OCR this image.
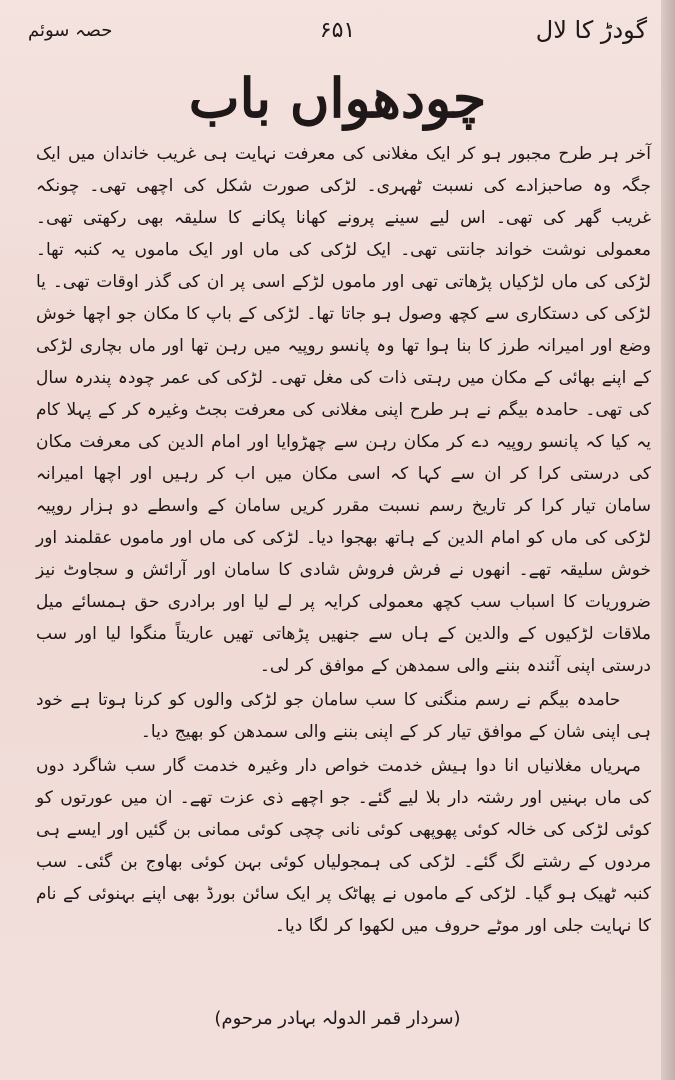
گودڑ کا لال
۶۵۱
حصہ سوئم
چودھواں باب

آخر ہر طرح مجبور ہو کر ایک مغلانی کی معرفت نہایت ہی غریب خاندان میں ایک جگہ وہ صاحبزادے کی نسبت ٹھہری۔ لڑکی صورت شکل کی اچھی تھی۔ چونکہ غریب گھر کی تھی۔ اس لیے سینے پرونے کھانا پکانے کا سلیقہ بھی رکھتی تھی۔ معمولی نوشت خواند جانتی تھی۔ ایک لڑکی کی ماں اور ایک ماموں یہ کنبہ تھا۔ لڑکی کی ماں لڑکیاں پڑھاتی تھی اور ماموں لڑکے اسی پر ان کی گذر اوقات تھی۔ یا لڑکی کی دستکاری سے کچھ وصول ہو جاتا تھا۔ لڑکی کے باپ کا مکان جو اچھا خوش وضع اور امیرانہ طرز کا بنا ہوا تھا وہ پانسو روپیہ میں رہن تھا اور ماں بچاری لڑکی کے اپنے بھائی کے مکان میں رہتی ذات کی مغل تھی۔ لڑکی کی عمر چودہ پندرہ سال کی تھی۔ حامدہ بیگم نے ہر طرح اپنی مغلانی کی معرفت بجٹ وغیرہ کر کے پہلا کام یہ کیا کہ پانسو روپیہ دے کر مکان رہن سے چھڑوایا اور امام الدین کی معرفت مکان کی درستی کرا کر ان سے کہا کہ اسی مکان میں اب کر رہیں اور اچھا امیرانہ سامان تیار کرا کر تاریخ رسم نسبت مقرر کریں سامان کے واسطے دو ہزار روپیہ لڑکی کی ماں کو امام الدین کے ہاتھ بھجوا دیا۔ لڑکی کی ماں اور ماموں عقلمند اور خوش سلیقہ تھے۔ انھوں نے فرش فروش شادی کا سامان اور آرائش و سجاوٹ نیز ضروریات کا اسباب سب کچھ معمولی کرایہ پر لے لیا اور برادری حق ہمسائے میل ملاقات لڑکیوں کے والدین کے ہاں سے جنھیں پڑھاتی تھیں عاریتاً منگوا لیا اور سب درستی اپنی آئندہ بننے والی سمدھن کے موافق کر لی۔

حامدہ بیگم نے رسم منگنی کا سب سامان جو لڑکی والوں کو کرنا ہوتا ہے خود ہی اپنی شان کے موافق تیار کر کے اپنی بننے والی سمدھن کو بھیج دیا۔

مہریاں مغلانیاں انا دوا ہیش خدمت خواص دار وغیرہ خدمت گار سب شاگرد دوں کی ماں بہنیں اور رشتہ دار بلا لیے گئے۔ جو اچھے ذی عزت تھے۔ ان میں عورتوں کو کوئی لڑکی کی خالہ کوئی پھوپھی کوئی نانی چچی کوئی ممانی بن گئیں اور ایسے ہی مردوں کے رشتے لگ گئے۔ لڑکی کی ہمجولیاں کوئی بہن کوئی بھاوج بن گئی۔ سب کنبہ ٹھیک ہو گیا۔ لڑکی کے ماموں نے پھاٹک پر ایک سائن بورڈ بھی اپنے بہنوئی کے نام کا نہایت جلی اور موٹے حروف میں لکھوا کر لگا دیا۔

(سردار قمر الدولہ بہادر مرحوم)
